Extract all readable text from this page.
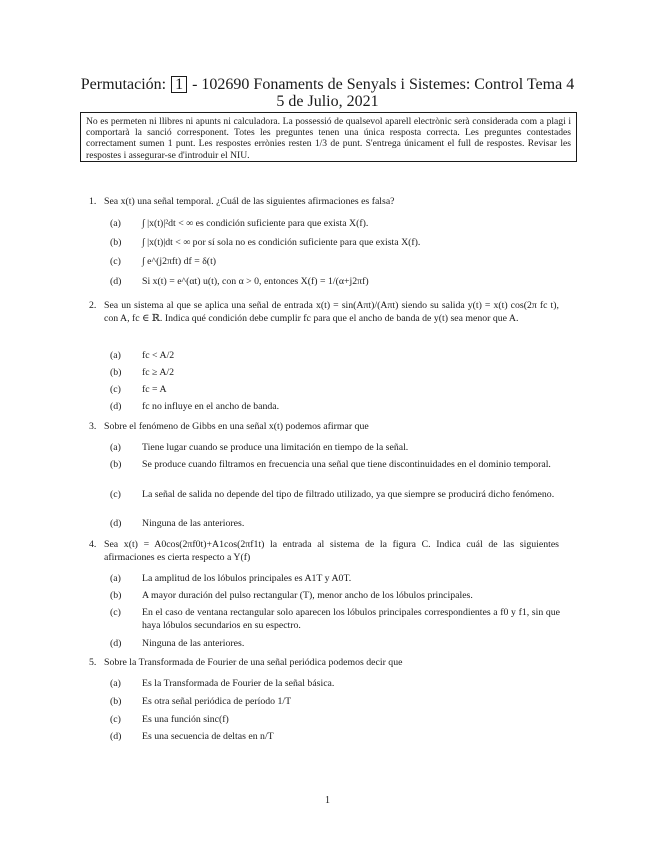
Permutación: 1 - 102690 Fonaments de Senyals i Sistemes: Control Tema 4
5 de Julio, 2021
No es permeten ni llibres ni apunts ni calculadora. La possessió de qualsevol aparell electrònic serà considerada com a plagi i comportarà la sanció corresponent. Totes les preguntes tenen una única resposta correcta. Les preguntes contestades correctament sumen 1 punt. Les respostes errònies resten 1/3 de punt. S'entrega únicament el full de respostes. Revisar les respostes i assegurar-se d'introduir el NIU.
1. Sea x(t) una señal temporal. ¿Cuál de las siguientes afirmaciones es falsa?
(a) ∫ |x(t)|²dt < ∞ es condición suficiente para que exista X(f).
(b) ∫ |x(t)|dt < ∞ por sí sola no es condición suficiente para que exista X(f).
(c) ∫ e^(j2πft) df = δ(t)
(d) Si x(t) = e^(αt) u(t), con α > 0, entonces X(f) = 1/(α+j2πf)
2. Sea un sistema al que se aplica una señal de entrada x(t) = sin(Aπt)/(Aπt) siendo su salida y(t) = x(t) cos(2π fc t), con A, fc ∈ ℝ. Indica qué condición debe cumplir fc para que el ancho de banda de y(t) sea menor que A.
(a) fc < A/2
(b) fc ≥ A/2
(c) fc = A
(d) fc no influye en el ancho de banda.
3. Sobre el fenómeno de Gibbs en una señal x(t) podemos afirmar que
(a) Tiene lugar cuando se produce una limitación en tiempo de la señal.
(b) Se produce cuando filtramos en frecuencia una señal que tiene discontinuidades en el dominio temporal.
(c) La señal de salida no depende del tipo de filtrado utilizado, ya que siempre se producirá dicho fenómeno.
(d) Ninguna de las anteriores.
4. Sea x(t) = A0cos(2πf0t)+A1cos(2πf1t) la entrada al sistema de la figura C. Indica cuál de las siguientes afirmaciones es cierta respecto a Y(f)
(a) La amplitud de los lóbulos principales es A1T y A0T.
(b) A mayor duración del pulso rectangular (T), menor ancho de los lóbulos principales.
(c) En el caso de ventana rectangular solo aparecen los lóbulos principales correspondientes a f0 y f1, sin que haya lóbulos secundarios en su espectro.
(d) Ninguna de las anteriores.
5. Sobre la Transformada de Fourier de una señal periódica podemos decir que
(a) Es la Transformada de Fourier de la señal básica.
(b) Es otra señal periódica de período 1/T
(c) Es una función sinc(f)
(d) Es una secuencia de deltas en n/T
1
